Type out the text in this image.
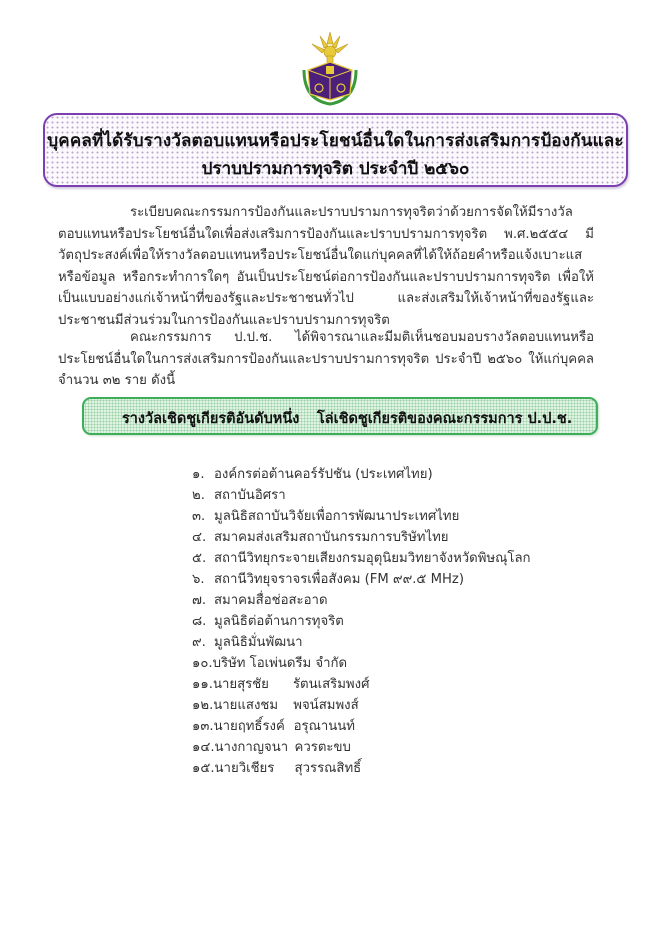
บุคคลที่ได้รับรางวัลตอบแทนหรือประโยชน์อื่นใดในการส่งเสริมการป้องกันและ
ปราบปรามการทุจริต ประจำปี ๒๕๖๐
ระเบียบคณะกรรมการป้องกันและปราบปรามการทุจริตว่าด้วยการจัดให้มีรางวัลตอบแทนหรือประโยชน์อื่นใดเพื่อส่งเสริมการป้องกันและปราบปรามการทุจริต พ.ศ.๒๕๕๔ มีวัตถุประสงค์เพื่อให้รางวัลตอบแทนหรือประโยชน์อื่นใดแก่บุคคลที่ได้ให้ถ้อยคำหรือแจ้งเบาะแสหรือข้อมูล หรือกระทำการใดๆ อันเป็นประโยชน์ต่อการป้องกันและปราบปรามการทุจริต เพื่อให้เป็นแบบอย่างแก่เจ้าหน้าที่ของรัฐและประชาชนทั่วไป และส่งเสริมให้เจ้าหน้าที่ของรัฐและประชาชนมีส่วนร่วมในการป้องกันและปราบปรามการทุจริต
คณะกรรมการ ป.ป.ช. ได้พิจารณาและมีมติเห็นชอบมอบรางวัลตอบแทนหรือประโยชน์อื่นใดในการส่งเสริมการป้องกันและปราบปรามการทุจริต ประจำปี ๒๕๖๐ ให้แก่บุคคล จำนวน ๓๒ ราย ดังนี้
รางวัลเชิดชูเกียรติอันดับหนึ่ง โล่เชิดชูเกียรติของคณะกรรมการ ป.ป.ช.
๑. องค์กรต่อต้านคอร์รัปชัน (ประเทศไทย)
๒. สถาบันอิศรา
๓. มูลนิธิสถาบันวิจัยเพื่อการพัฒนาประเทศไทย
๔. สมาคมส่งเสริมสถาบันกรรมการบริษัทไทย
๕. สถานีวิทยุกระจายเสียงกรมอุตุนิยมวิทยาจังหวัดพิษณุโลก
๖. สถานีวิทยุจราจรเพื่อสังคม (FM ๙๙.๕ MHz)
๗. สมาคมสื่อช่อสะอาด
๘. มูลนิธิต่อต้านการทุจริต
๙. มูลนิธิมั่นพัฒนา
๑๐.บริษัท โอเพ่นดรีม จำกัด
๑๑.นายสุรชัย รัตนเสริมพงศ์
๑๒.นายแสงชม พจน์สมพงส์
๑๓.นายฤทธิ์รงค์ อรุณานนท์
๑๔.นางกาญจนา ควรตะขบ
๑๕.นายวิเชียร สุวรรณสิทธิ์
